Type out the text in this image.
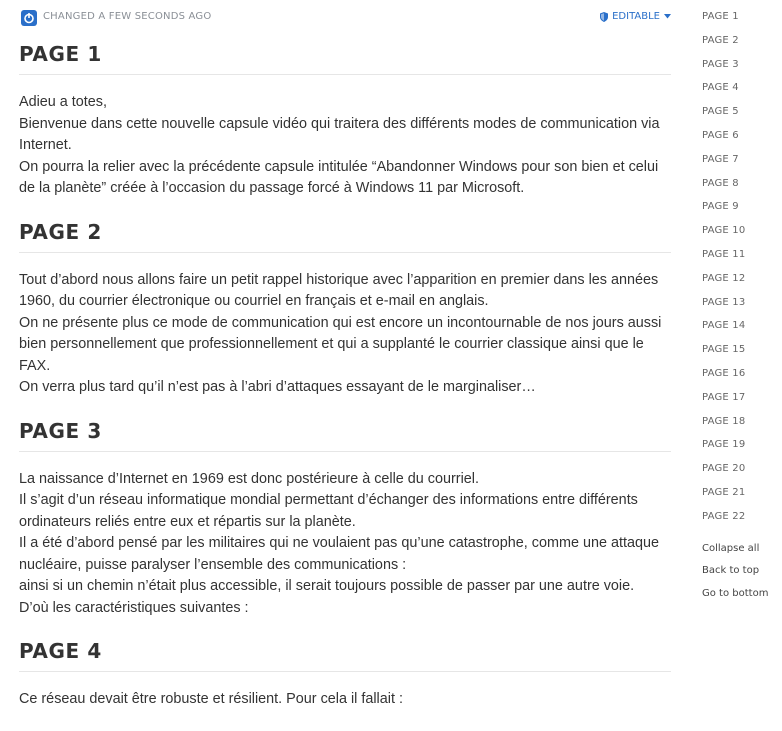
CHANGED A FEW SECONDS AGO	EDITABLE
PAGE 1

Adieu a totes,

Bienvenue dans cette nouvelle capsule vidéo qui traitera des différents modes de communication via Internet.

On pourra la relier avec la précédente capsule intitulée “Abandonner Windows pour son bien et celui de la planète” créée à l’occasion du passage forcé à Windows 11 par Microsoft.

PAGE 2

Tout d’abord nous allons faire un petit rappel historique avec l’apparition en premier dans les années 1960, du courrier électronique ou courriel en français et e-mail en anglais.

On ne présente plus ce mode de communication qui est encore un incontournable de nos jours aussi bien personnellement que professionnellement et qui a supplanté le courrier classique ainsi que le FAX.

On verra plus tard qu’il n’est pas à l’abri d’attaques essayant de le marginaliser…

PAGE 3

La naissance d’Internet en 1969 est donc postérieure à celle du courriel.

Il s’agit d’un réseau informatique mondial permettant d’échanger des informations entre différents ordinateurs reliés entre eux et répartis sur la planète.

Il a été d’abord pensé par les militaires qui ne voulaient pas qu’une catastrophe, comme une attaque nucléaire, puisse paralyser l’ensemble des communications :

ainsi si un chemin n’était plus accessible, il serait toujours possible de passer par une autre voie.

D’où les caractéristiques suivantes :

PAGE 4

Ce réseau devait être robuste et résilient. Pour cela il fallait :

PAGE 1
PAGE 2
PAGE 3
PAGE 4
PAGE 5
PAGE 6
PAGE 7
PAGE 8
PAGE 9
PAGE 10
PAGE 11
PAGE 12
PAGE 13
PAGE 14
PAGE 15
PAGE 16
PAGE 17
PAGE 18
PAGE 19
PAGE 20
PAGE 21
PAGE 22
Collapse all
Back to top
Go to bottom
